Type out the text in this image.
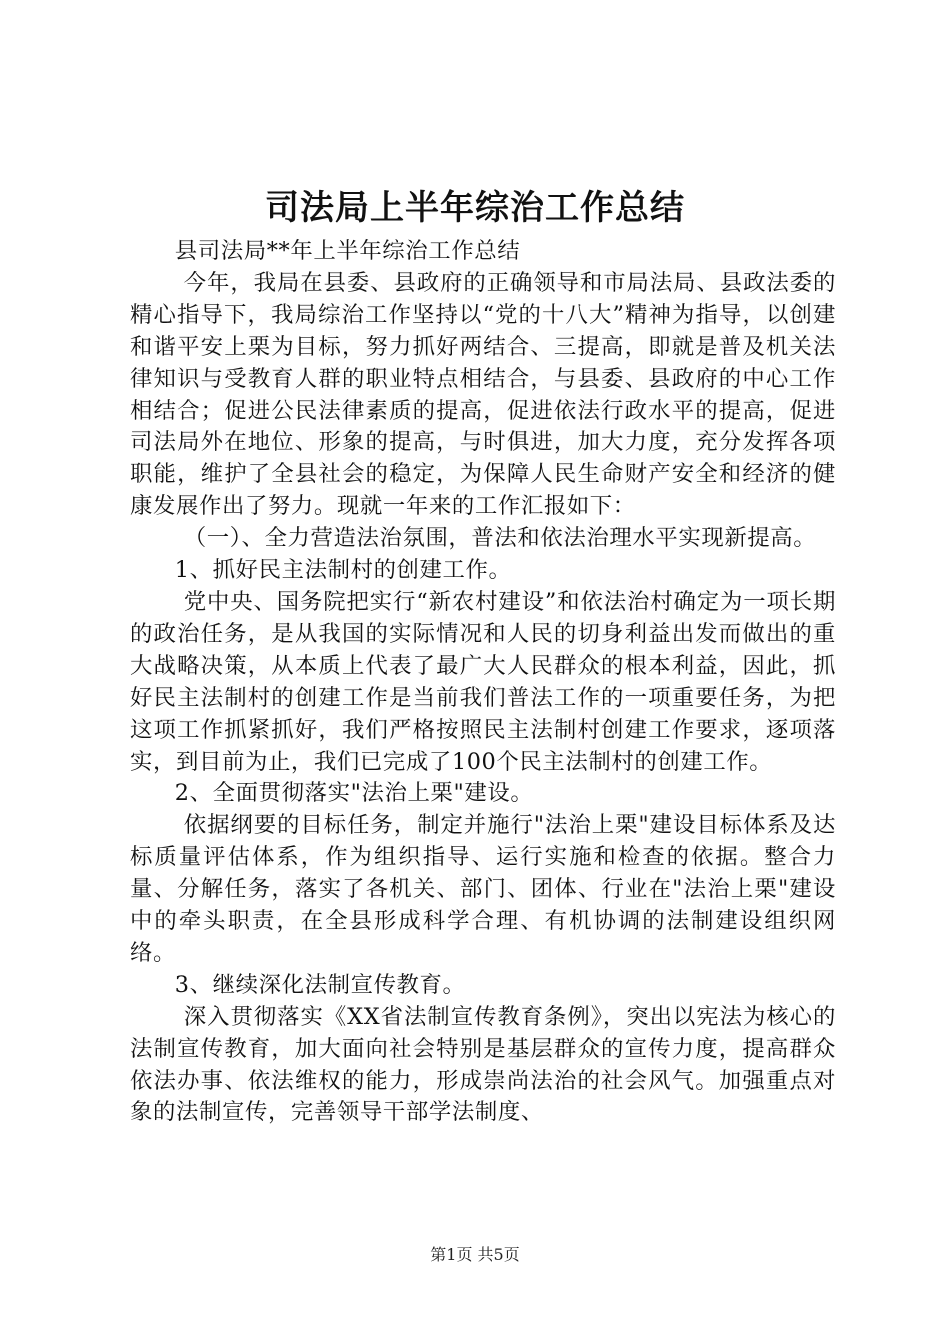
司法局上半年综治工作总结

县司法局**年上半年综治工作总结

今年，我局在县委、县政府的正确领导和市局法局、县政法委的精心指导下，我局综治工作坚持以“党的十八大”精神为指导，以创建和谐平安上栗为目标，努力抓好两结合、三提高，即就是普及机关法律知识与受教育人群的职业特点相结合，与县委、县政府的中心工作相结合；促进公民法律素质的提高，促进依法行政水平的提高，促进司法局外在地位、形象的提高，与时俱进，加大力度，充分发挥各项职能，维护了全县社会的稳定，为保障人民生命财产安全和经济的健康发展作出了努力。现就一年来的工作汇报如下：

（一）、全力营造法治氛围，普法和依法治理水平实现新提高。

1、抓好民主法制村的创建工作。

党中央、国务院把实行“新农村建设”和依法治村确定为一项长期的政治任务，是从我国的实际情况和人民的切身利益出发而做出的重大战略决策，从本质上代表了最广大人民群众的根本利益，因此，抓好民主法制村的创建工作是当前我们普法工作的一项重要任务，为把这项工作抓紧抓好，我们严格按照民主法制村创建工作要求，逐项落实，到目前为止，我们已完成了100个民主法制村的创建工作。

2、全面贯彻落实"法治上栗"建设。

依据纲要的目标任务，制定并施行"法治上栗"建设目标体系及达标质量评估体系，作为组织指导、运行实施和检查的依据。整合力量、分解任务，落实了各机关、部门、团体、行业在"法治上栗"建设中的牵头职责，在全县形成科学合理、有机协调的法制建设组织网络。

3、继续深化法制宣传教育。

深入贯彻落实《XX省法制宣传教育条例》，突出以宪法为核心的法制宣传教育，加大面向社会特别是基层群众的宣传力度，提高群众依法办事、依法维权的能力，形成崇尚法治的社会风气。加强重点对象的法制宣传，完善领导干部学法制度、

第1页 共5页
